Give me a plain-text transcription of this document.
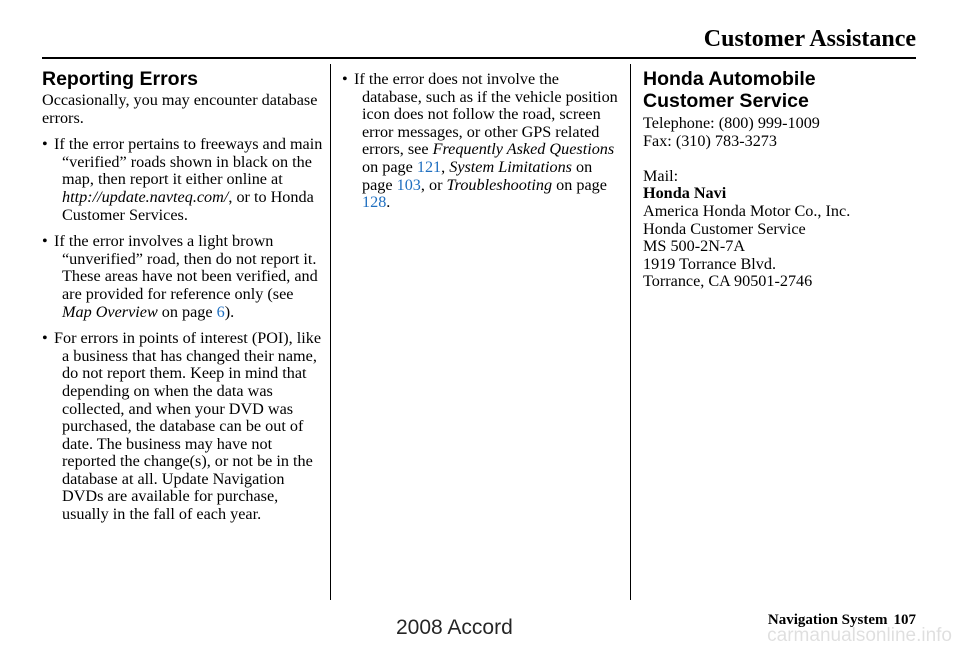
Customer Assistance
Reporting Errors

Occasionally, you may encounter database errors.

• If the error pertains to freeways and main “verified” roads shown in black on the map, then report it either online at http://update.navteq.com/, or to Honda Customer Services.
• If the error involves a light brown “unverified” road, then do not report it. These areas have not been verified, and are provided for reference only (see Map Overview on page 6).
• For errors in points of interest (POI), like a business that has changed their name, do not report them. Keep in mind that depending on when the data was collected, and when your DVD was purchased, the database can be out of date. The business may have not reported the change(s), or not be in the database at all. Update Navigation DVDs are available for purchase, usually in the fall of each year.
• If the error does not involve the database, such as if the vehicle position icon does not follow the road, screen error messages, or other GPS related errors, see Frequently Asked Questions on page 121, System Limitations on page 103, or Troubleshooting on page 128.
Honda Automobile
Customer Service

Telephone: (800) 999-1009

Fax: (310) 783-3273

Mail:

Honda Navi

America Honda Motor Co., Inc.

Honda Customer Service

MS 500-2N-7A

1919 Torrance Blvd.

Torrance, CA 90501-2746

Navigation System 107
2008 Accord	carmanualsonline.info
